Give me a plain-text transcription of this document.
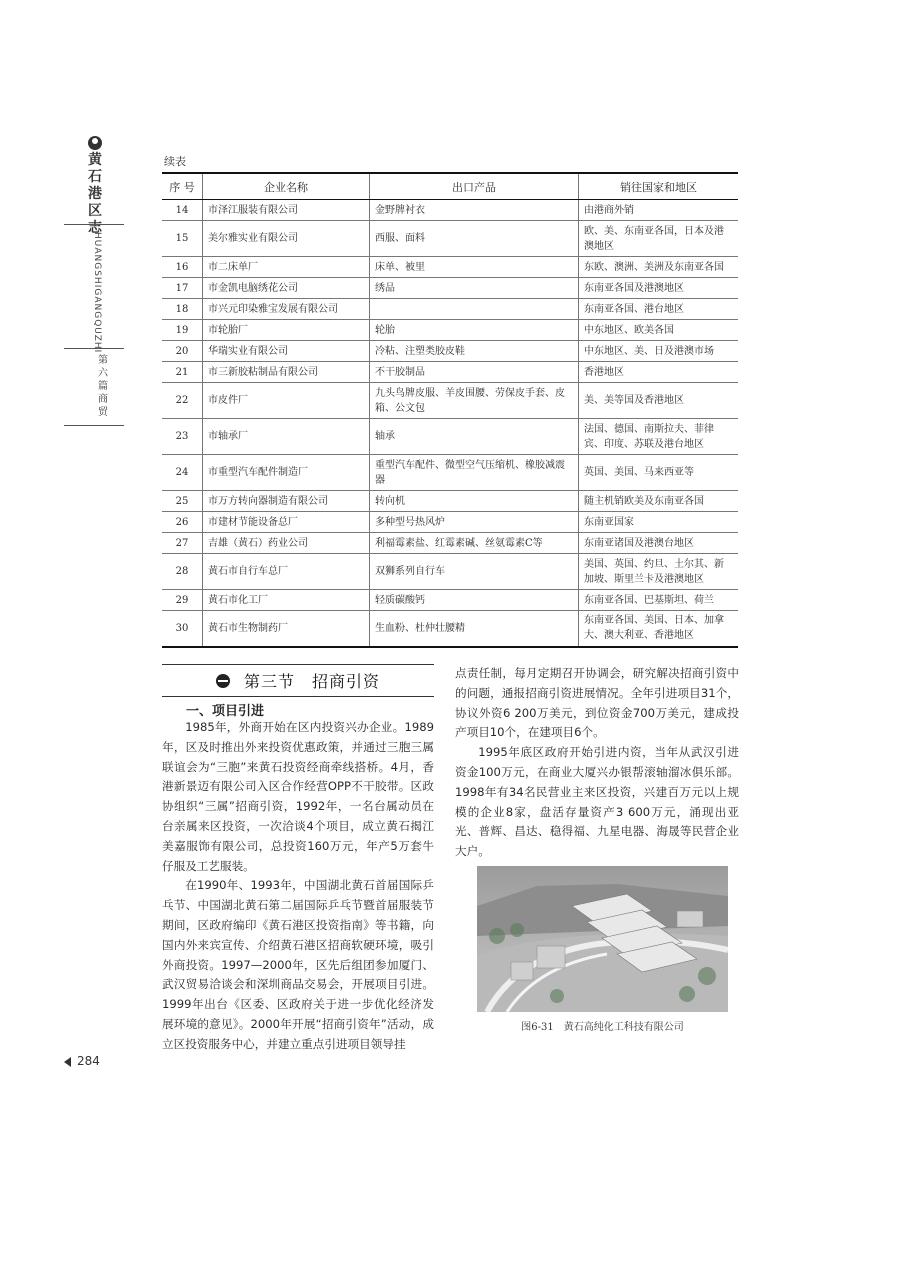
黄石港区志
HUANGSHIGANGQUZHI
第六篇 商贸
续表
序 号	企业名称	出口产品	销往国家和地区
14	市泽江服装有限公司	金野牌衬衣	由港商外销
15	美尔雅实业有限公司	西服、面料	欧、美、东南亚各国，日本及港澳地区
16	市二床单厂	床单、被里	东欧、澳洲、美洲及东南亚各国
17	市金凯电脑绣花公司	绣品	东南亚各国及港澳地区
18	市兴元印染雅宝发展有限公司		东南亚各国、港台地区
19	市轮胎厂	轮胎	中东地区、欧美各国
20	华瑞实业有限公司	冷粘、注塑类胶皮鞋	中东地区、美、日及港澳市场
21	市三新胶粘制品有限公司	不干胶制品	香港地区
22	市皮件厂	九头鸟牌皮服、羊皮围腰、劳保皮手套、皮箱、公文包	美、美等国及香港地区
23	市轴承厂	轴承	法国、德国、南斯拉夫、菲律宾、印度、苏联及港台地区
24	市重型汽车配件制造厂	重型汽车配件、微型空气压缩机、橡胶减震器	英国、美国、马来西亚等
25	市万方转向器制造有限公司	转向机	随主机销欧美及东南亚各国
26	市建材节能设备总厂	多种型号热风炉	东南亚国家
27	吉雄（黄石）药业公司	利福霉素盐、红霉素碱、丝氨霉素C等	东南亚诸国及港澳台地区
28	黄石市自行车总厂	双狮系列自行车	美国、英国、约旦、土尔其、新加坡、斯里兰卡及港澳地区
29	黄石市化工厂	轻质碳酸钙	东南亚各国、巴基斯坦、荷兰
30	黄石市生物制药厂	生血粉、杜仲壮腰精	东南亚各国、美国、日本、加拿大、澳大利亚、香港地区
第三节　招商引资
一、项目引进

1985年，外商开始在区内投资兴办企业。1989年，区及时推出外来投资优惠政策，并通过三胞三属联谊会为“三胞”来黄石投资经商牵线搭桥。4月，香港新景迈有限公司入区合作经营OPP不干胶带。区政协组织“三属”招商引资，1992年，一名台属动员在台亲属来区投资，一次洽谈4个项目，成立黄石揭江美嘉服饰有限公司，总投资160万元，年产5万套牛仔服及工艺服装。

在1990年、1993年，中国湖北黄石首届国际乒乓节、中国湖北黄石第二届国际乒乓节暨首届服装节期间，区政府编印《黄石港区投资指南》等书籍，向国内外来宾宣传、介绍黄石港区招商软硬环境，吸引外商投资。1997—2000年，区先后组团参加厦门、武汉贸易洽谈会和深圳商品交易会，开展项目引进。1999年出台《区委、区政府关于进一步优化经济发展环境的意见》。2000年开展“招商引资年”活动，成立区投资服务中心，并建立重点引进项目领导挂

点责任制，每月定期召开协调会，研究解决招商引资中的问题，通报招商引资进展情况。全年引进项目31个，协议外资6 200万美元，到位资金700万美元，建成投产项目10个，在建项目6个。

1995年底区政府开始引进内资，当年从武汉引进资金100万元，在商业大厦兴办银帮滚轴溜冰俱乐部。1998年有34名民营业主来区投资，兴建百万元以上规模的企业8家，盘活存量资产3 600万元，涌现出亚光、普辉、昌达、稳得福、九星电器、海晟等民营企业大户。

图6-31　黄石高纯化工科技有限公司
284
